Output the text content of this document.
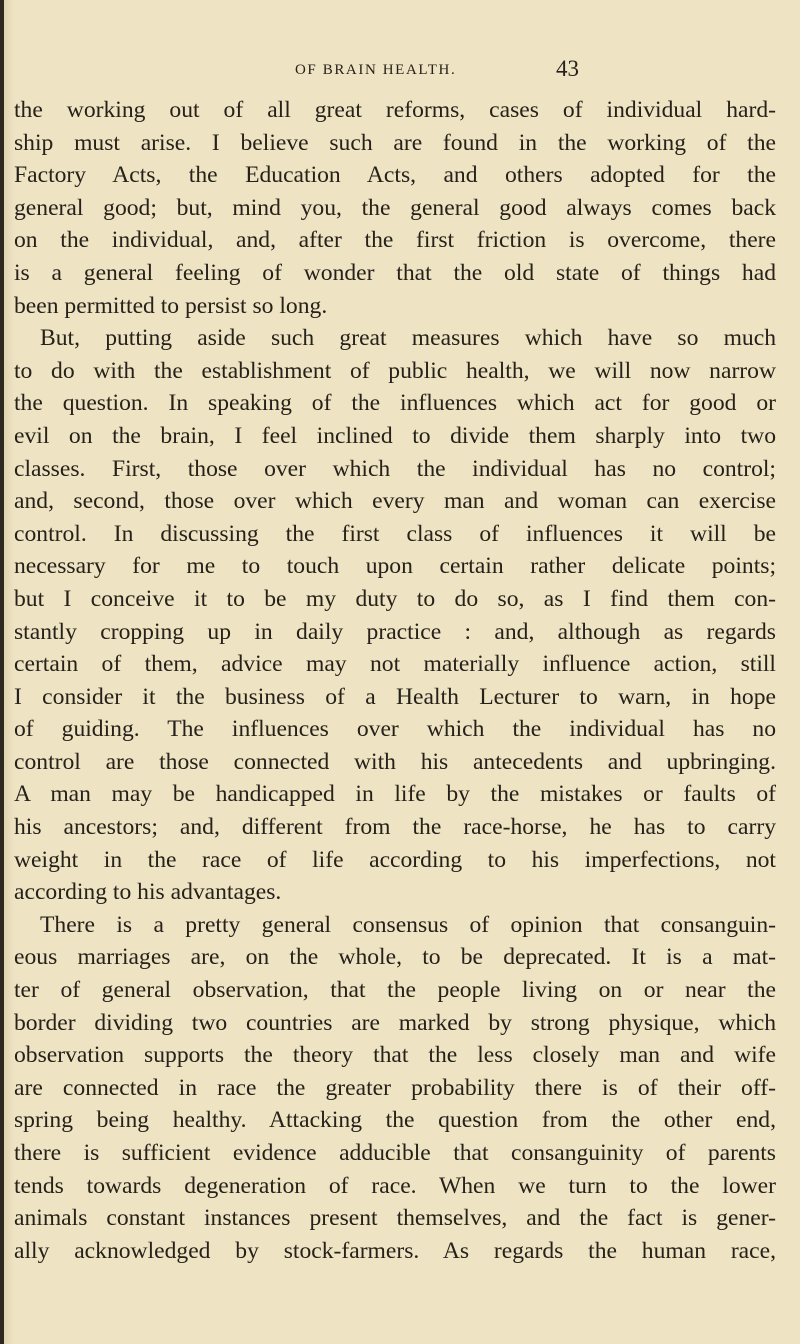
OF BRAIN HEALTH.	43
the working out of all great reforms, cases of individual hard-
ship must arise. I believe such are found in the working of the
Factory Acts, the Education Acts, and others adopted for the
general good; but, mind you, the general good always comes back
on the individual, and, after the first friction is overcome, there
is a general feeling of wonder that the old state of things had
been permitted to persist so long.
But, putting aside such great measures which have so much
to do with the establishment of public health, we will now narrow
the question. In speaking of the influences which act for good or
evil on the brain, I feel inclined to divide them sharply into two
classes. First, those over which the individual has no control;
and, second, those over which every man and woman can exercise
control. In discussing the first class of influences it will be
necessary for me to touch upon certain rather delicate points;
but I conceive it to be my duty to do so, as I find them con-
stantly cropping up in daily practice : and, although as regards
certain of them, advice may not materially influence action, still
I consider it the business of a Health Lecturer to warn, in hope
of guiding. The influences over which the individual has no
control are those connected with his antecedents and upbringing.
A man may be handicapped in life by the mistakes or faults of
his ancestors; and, different from the race-horse, he has to carry
weight in the race of life according to his imperfections, not
according to his advantages.
There is a pretty general consensus of opinion that consanguin-
eous marriages are, on the whole, to be deprecated. It is a mat-
ter of general observation, that the people living on or near the
border dividing two countries are marked by strong physique, which
observation supports the theory that the less closely man and wife
are connected in race the greater probability there is of their off-
spring being healthy. Attacking the question from the other end,
there is sufficient evidence adducible that consanguinity of parents
tends towards degeneration of race. When we turn to the lower
animals constant instances present themselves, and the fact is gener-
ally acknowledged by stock-farmers. As regards the human race,
